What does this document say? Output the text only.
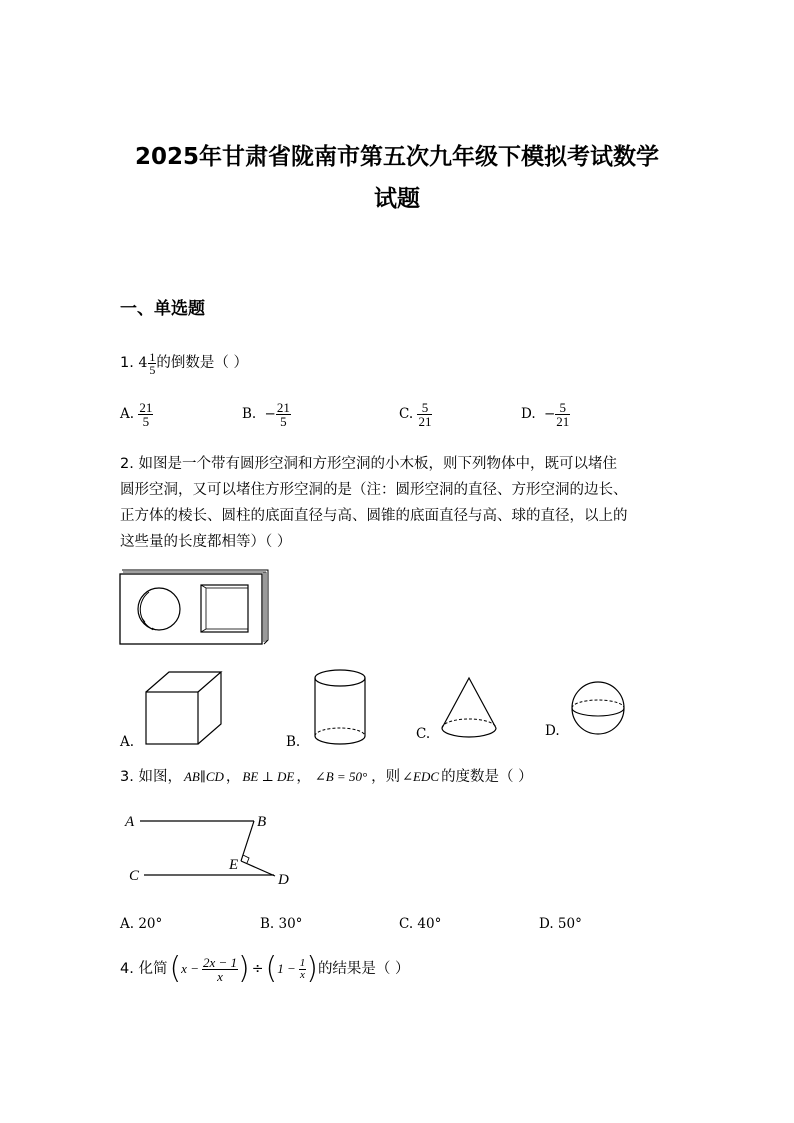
2025年甘肃省陇南市第五次九年级下模拟考试数学
试题
一、单选题
1. $4 \frac{1}{5}$ 的倒数是（ ）
A. $\frac{21}{5}$	B. − $\frac{21}{5}$	C. $\frac{5}{21}$	D. − $\frac{5}{21}$
2. 如图是一个带有圆形空洞和方形空洞的小木板，则下列物体中，既可以堵住
圆形空洞，又可以堵住方形空洞的是（注：圆形空洞的直径、方形空洞的边长、
正方体的棱长、圆柱的底面直径与高、圆锥的底面直径与高、球的直径，以上的
这些量的长度都相等）（ ）
A.	B.	C.	D.
3. 如图， AB∥CD ， BE ⊥ DE ， ∠B = 50° ，则 ∠EDC 的度数是（ ）
A	B
C	D
E
A. 20°	B. 30°	C. 40°	D. 50°
4. 化简 ( $x - \frac{2x - 1}{x}$ ) ÷ ( $1 - \frac{1}{x}$ ) 的结果是（ ）
